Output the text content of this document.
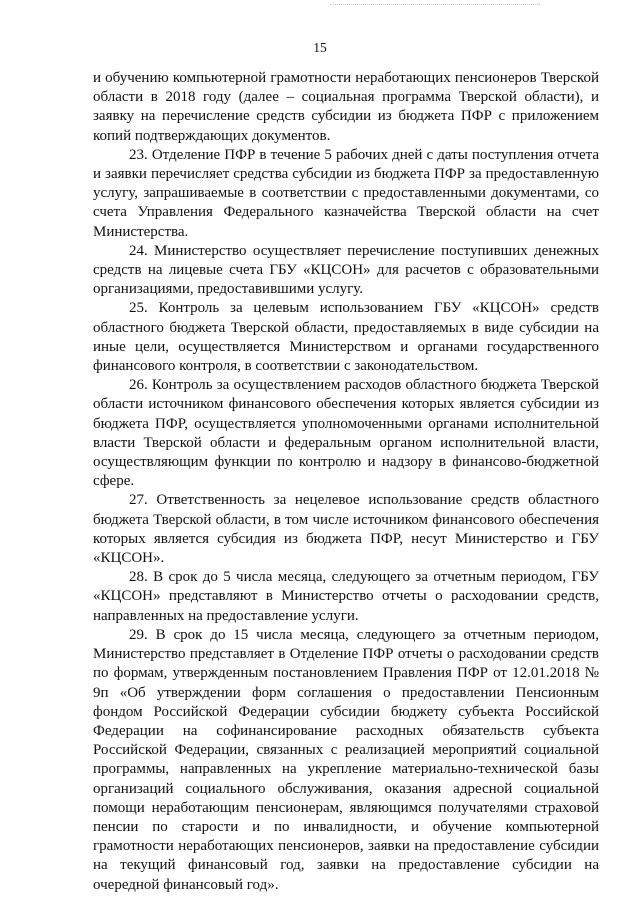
15

и обучению компьютерной грамотности неработающих пенсионеров Тверской области в 2018 году (далее – социальная программа Тверской области), и заявку на перечисление средств субсидии из бюджета ПФР с приложением копий подтверждающих документов.

23. Отделение ПФР в течение 5 рабочих дней с даты поступления отчета и заявки перечисляет средства субсидии из бюджета ПФР за предоставленную услугу, запрашиваемые в соответствии с предоставленными документами, со счета Управления Федерального казначейства Тверской области на счет Министерства.

24. Министерство осуществляет перечисление поступивших денежных средств на лицевые счета ГБУ «КЦСОН» для расчетов с образовательными организациями, предоставившими услугу.

25. Контроль за целевым использованием ГБУ «КЦСОН» средств областного бюджета Тверской области, предоставляемых в виде субсидии на иные цели, осуществляется Министерством и органами государственного финансового контроля, в соответствии с законодательством.

26. Контроль за осуществлением расходов областного бюджета Тверской области источником финансового обеспечения которых является субсидии из бюджета ПФР, осуществляется уполномоченными органами исполнительной власти Тверской области и федеральным органом исполнительной власти, осуществляющим функции по контролю и надзору в финансово-бюджетной сфере.

27. Ответственность за нецелевое использование средств областного бюджета Тверской области, в том числе источником финансового обеспечения которых является субсидия из бюджета ПФР, несут Министерство и ГБУ «КЦСОН».

28. В срок до 5 числа месяца, следующего за отчетным периодом, ГБУ «КЦСОН» представляют в Министерство отчеты о расходовании средств, направленных на предоставление услуги.

29. В срок до 15 числа месяца, следующего за отчетным периодом, Министерство представляет в Отделение ПФР отчеты о расходовании средств по формам, утвержденным постановлением Правления ПФР от 12.01.2018 № 9п «Об утверждении форм соглашения о предоставлении Пенсионным фондом Российской Федерации субсидии бюджету субъекта Российской Федерации на софинансирование расходных обязательств субъекта Российской Федерации, связанных с реализацией мероприятий социальной программы, направленных на укрепление материально-технической базы организаций социального обслуживания, оказания адресной социальной помощи неработающим пенсионерам, являющимся получателями страховой пенсии по старости и по инвалидности, и обучение компьютерной грамотности неработающих пенсионеров, заявки на предоставление субсидии на текущий финансовый год, заявки на предоставление субсидии на очередной финансовый год».
